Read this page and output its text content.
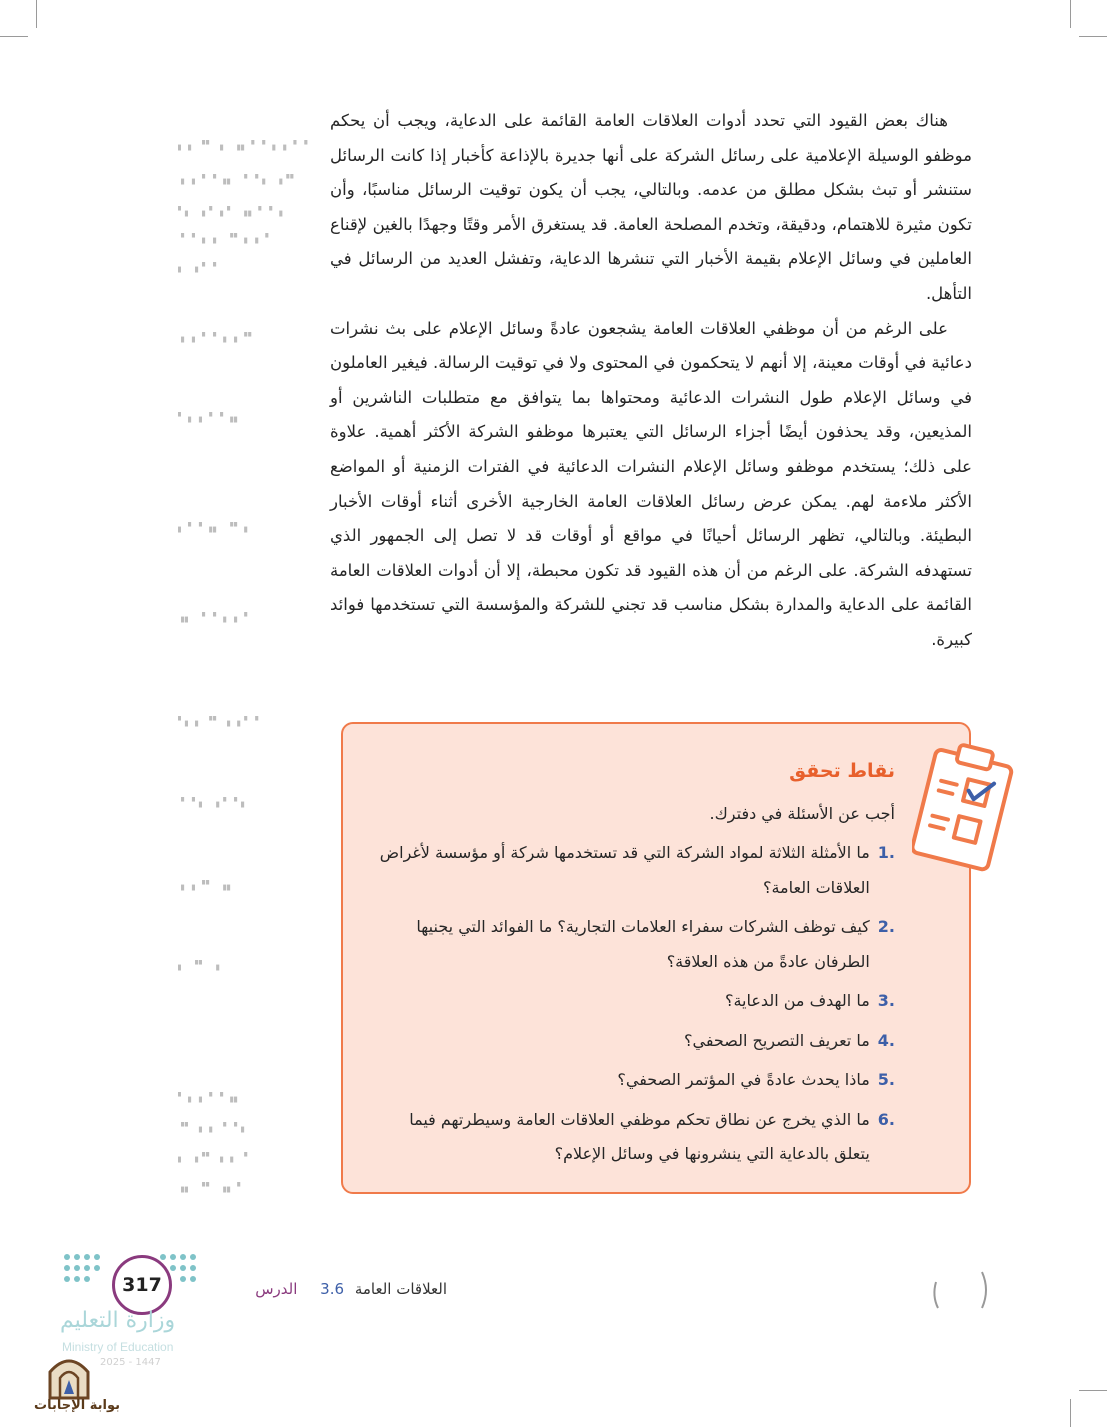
▖▗ ▝▘ ▖ ▗▖▝ ▘▗ ▖▝ ▘
▗ ▖▝ ▘▗▖ ▝ ▘▖ ▗▝▘
▘▖ ▗▝ ▖▘ ▗▖▝ ▘▗
▝ ▘▗ ▖ ▝▘▗ ▖▝
▖ ▗▝ ▘
▗ ▖▝ ▘▗ ▖▝▘
▘▗ ▖▝ ▘▗▖
▖▝ ▘▗▖ ▝▘▗
▗▖ ▝ ▘▗ ▖▝
▘▖▗ ▝▘ ▖▗▝ ▘
▝ ▘▖ ▗▝ ▘▖
▗ ▖▝▘ ▗▖
▖ ▝▘ ▗
▘▗ ▖▝ ▘▗▖
▝▘ ▖▗ ▝ ▘▖
▖ ▗▝▘ ▖▗ ▝
▗▖ ▝▘ ▗▖▝

هناك بعض القيود التي تحدد أدوات العلاقات العامة القائمة على الدعاية، ويجب أن يحكم موظفو الوسيلة الإعلامية على رسائل الشركة على أنها جديرة بالإذاعة كأخبار إذا كانت الرسائل ستنشر أو تبث بشكل مطلق من عدمه. وبالتالي، يجب أن يكون توقيت الرسائل مناسبًا، وأن تكون مثيرة للاهتمام، ودقيقة، وتخدم المصلحة العامة. قد يستغرق الأمر وقتًا وجهدًا بالغين لإقناع العاملين في وسائل الإعلام بقيمة الأخبار التي تنشرها الدعاية، وتفشل العديد من الرسائل في التأهل.

على الرغم من أن موظفي العلاقات العامة يشجعون عادةً وسائل الإعلام على بث نشرات دعائية في أوقات معينة، إلا أنهم لا يتحكمون في المحتوى ولا في توقيت الرسالة. فيغير العاملون في وسائل الإعلام طول النشرات الدعائية ومحتواها بما يتوافق مع متطلبات الناشرين أو المذيعين، وقد يحذفون أيضًا أجزاء الرسائل التي يعتبرها موظفو الشركة الأكثر أهمية. علاوة على ذلك؛ يستخدم موظفو وسائل الإعلام النشرات الدعائية في الفترات الزمنية أو المواضع الأكثر ملاءمة لهم. يمكن عرض رسائل العلاقات العامة الخارجية الأخرى أثناء أوقات الأخبار البطيئة. وبالتالي، تظهر الرسائل أحيانًا في مواقع أو أوقات قد لا تصل إلى الجمهور الذي تستهدفه الشركة. على الرغم من أن هذه القيود قد تكون محبطة، إلا أن أدوات العلاقات العامة القائمة على الدعاية والمدارة بشكل مناسب قد تجني للشركة والمؤسسة التي تستخدمها فوائد كبيرة.

نقاط تحقق
أجب عن الأسئلة في دفترك.
.1
ما الأمثلة الثلاثة لمواد الشركة التي قد تستخدمها شركة أو مؤسسة لأغراض العلاقات العامة؟
.2
كيف توظف الشركات سفراء العلامات التجارية؟ ما الفوائد التي يجنيها الطرفان عادةً من هذه العلاقة؟
.3
ما الهدف من الدعاية؟
.4
ما تعريف التصريح الصحفي؟
.5
ماذا يحدث عادةً في المؤتمر الصحفي؟
.6
ما الذي يخرج عن نطاق تحكم موظفي العلاقات العامة وسيطرتهم فيما يتعلق بالدعاية التي ينشرونها في وسائل الإعلام؟
العلاقات العامة 3.6 الدرس
317
وزارة التعليم
Ministry of Education
2025 - 1447
بوابة الإجابات
